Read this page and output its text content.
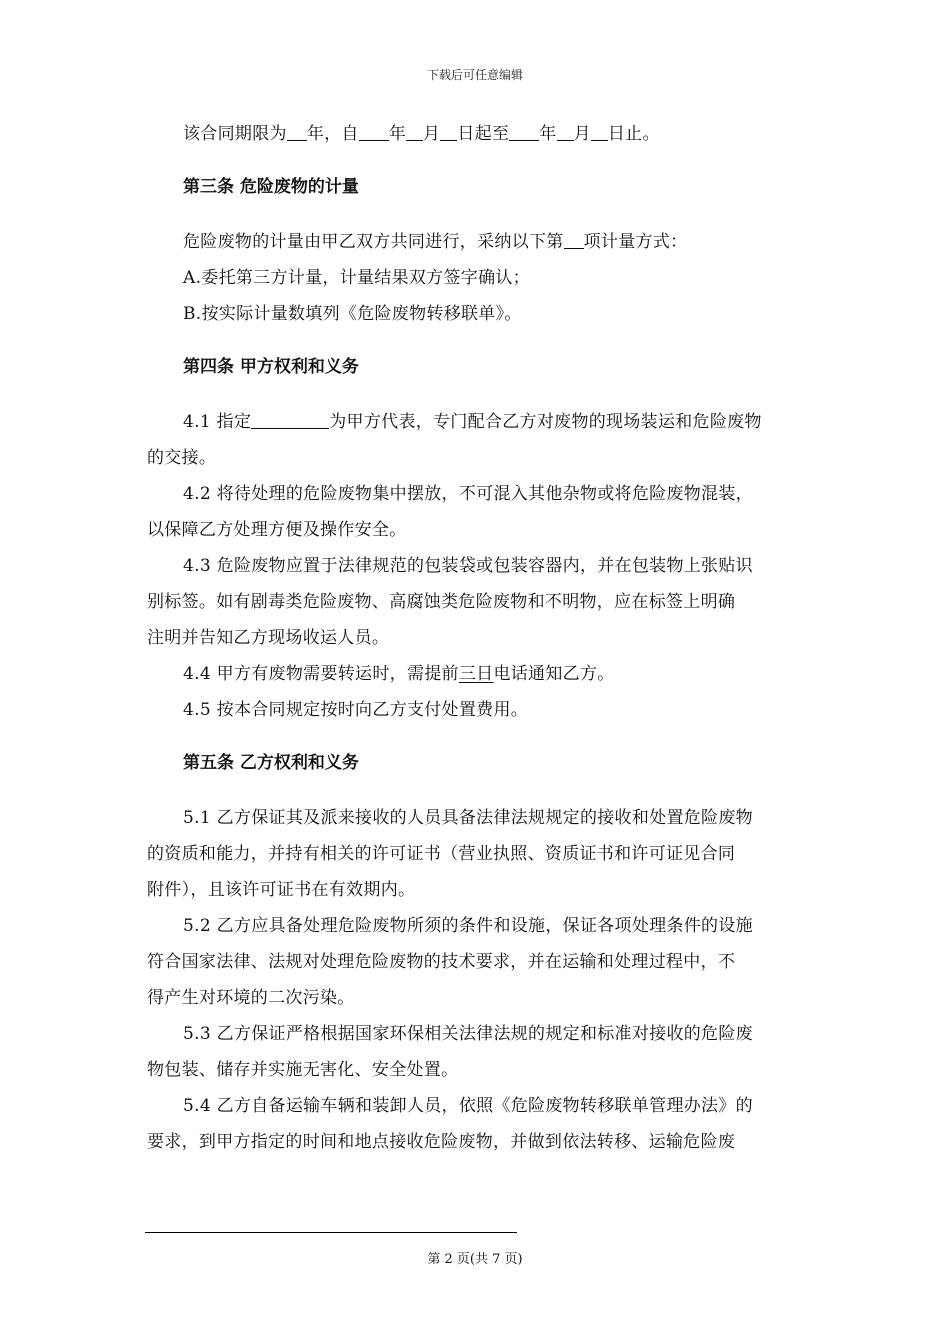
下载后可任意编辑

该合同期限为 年，自 年 月 日起至 年 月 日止。

第三条 危险废物的计量

危险废物的计量由甲乙双方共同进行，采纳以下第 项计量方式：

A.委托第三方计量，计量结果双方签字确认；

B.按实际计量数填列《危险废物转移联单》。

第四条 甲方权利和义务

4.1 指定	为甲方代表，专门配合乙方对废物的现场装运和危险废物

的交接。

4.2 将待处理的危险废物集中摆放，不可混入其他杂物或将危险废物混装，

以保障乙方处理方便及操作安全。

4.3 危险废物应置于法律规范的包装袋或包装容器内，并在包装物上张贴识

别标签。如有剧毒类危险废物、高腐蚀类危险废物和不明物，应在标签上明确

注明并告知乙方现场收运人员。

4.4 甲方有废物需要转运时，需提前三日电话通知乙方。

4.5 按本合同规定按时向乙方支付处置费用。

第五条 乙方权利和义务

5.1 乙方保证其及派来接收的人员具备法律法规规定的接收和处置危险废物

的资质和能力，并持有相关的许可证书（营业执照、资质证书和许可证见合同

附件），且该许可证书在有效期内。

5.2 乙方应具备处理危险废物所须的条件和设施，保证各项处理条件的设施

符合国家法律、法规对处理危险废物的技术要求，并在运输和处理过程中，不

得产生对环境的二次污染。

5.3 乙方保证严格根据国家环保相关法律法规的规定和标准对接收的危险废

物包装、储存并实施无害化、安全处置。

5.4 乙方自备运输车辆和装卸人员，依照《危险废物转移联单管理办法》的

要求，到甲方指定的时间和地点接收危险废物，并做到依法转移、运输危险废

第 2 页(共 7 页)
